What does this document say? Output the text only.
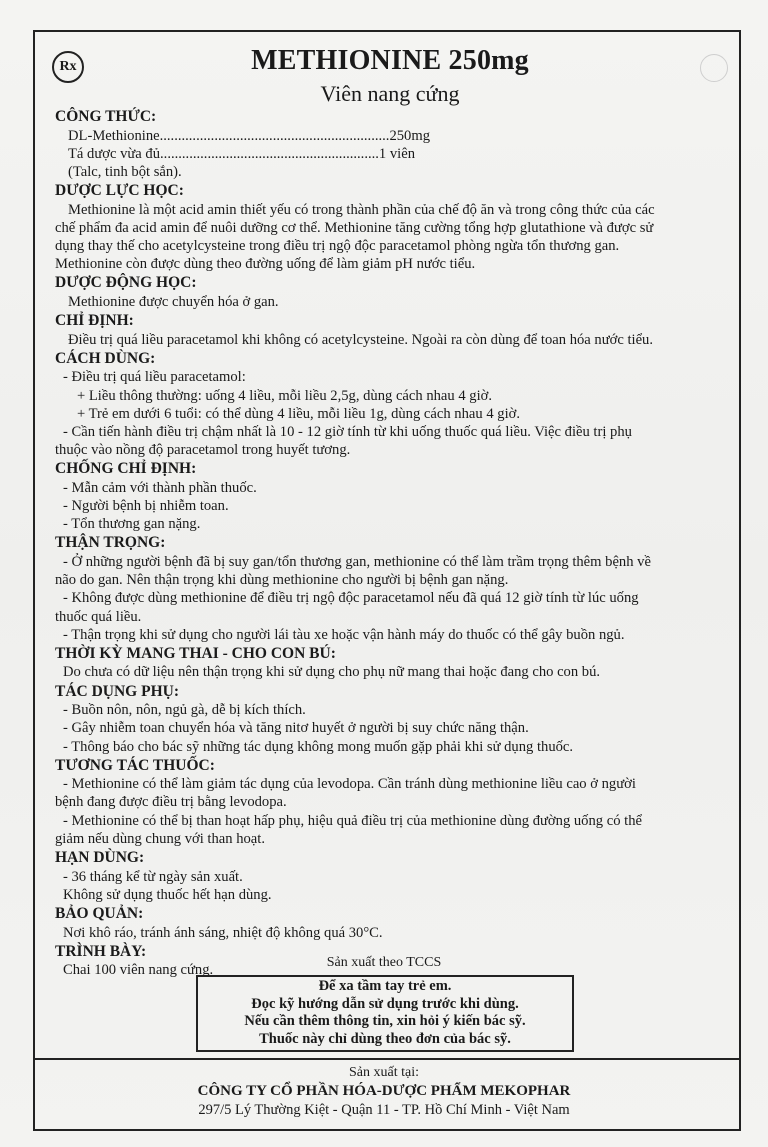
Rx	METHIONINE 250mg
Viên nang cứng
CÔNG THỨC:
DL-Methionine...............................................................250mg
Tá dược vừa đủ............................................................1 viên
(Talc, tinh bột sắn).
DƯỢC LỰC HỌC:
Methionine là một acid amin thiết yếu có trong thành phần của chế độ ăn và trong công thức của các
chế phẩm đa acid amin để nuôi dưỡng cơ thể. Methionine tăng cường tổng hợp glutathione và được sử
dụng thay thế cho acetylcysteine trong điều trị ngộ độc paracetamol phòng ngừa tổn thương gan.
Methionine còn được dùng theo đường uống để làm giảm pH nước tiểu.
DƯỢC ĐỘNG HỌC:
Methionine được chuyển hóa ở gan.
CHỈ ĐỊNH:
Điều trị quá liều paracetamol khi không có acetylcysteine. Ngoài ra còn dùng để toan hóa nước tiểu.
CÁCH DÙNG:
- Điều trị quá liều paracetamol:
+ Liều thông thường: uống 4 liều, mỗi liều 2,5g, dùng cách nhau 4 giờ.
+ Trẻ em dưới 6 tuổi: có thể dùng 4 liều, mỗi liều 1g, dùng cách nhau 4 giờ.
- Cần tiến hành điều trị chậm nhất là 10 - 12 giờ tính từ khi uống thuốc quá liều. Việc điều trị phụ
thuộc vào nồng độ paracetamol trong huyết tương.
CHỐNG CHỈ ĐỊNH:
- Mẫn cảm với thành phần thuốc.
- Người bệnh bị nhiễm toan.
- Tổn thương gan nặng.
THẬN TRỌNG:
- Ở những người bệnh đã bị suy gan/tổn thương gan, methionine có thể làm trầm trọng thêm bệnh về
não do gan. Nên thận trọng khi dùng methionine cho người bị bệnh gan nặng.
- Không được dùng methionine để điều trị ngộ độc paracetamol nếu đã quá 12 giờ tính từ lúc uống
thuốc quá liều.
- Thận trọng khi sử dụng cho người lái tàu xe hoặc vận hành máy do thuốc có thể gây buồn ngủ.
THỜI KỲ MANG THAI - CHO CON BÚ:
Do chưa có dữ liệu nên thận trọng khi sử dụng cho phụ nữ mang thai hoặc đang cho con bú.
TÁC DỤNG PHỤ:
- Buồn nôn, nôn, ngủ gà, dễ bị kích thích.
- Gây nhiễm toan chuyển hóa và tăng nitơ huyết ở người bị suy chức năng thận.
- Thông báo cho bác sỹ những tác dụng không mong muốn gặp phải khi sử dụng thuốc.
TƯƠNG TÁC THUỐC:
- Methionine có thể làm giảm tác dụng của levodopa. Cần tránh dùng methionine liều cao ở người
bệnh đang được điều trị bằng levodopa.
- Methionine có thể bị than hoạt hấp phụ, hiệu quả điều trị của methionine dùng đường uống có thể
giảm nếu dùng chung với than hoạt.
HẠN DÙNG:
- 36 tháng kể từ ngày sản xuất.
Không sử dụng thuốc hết hạn dùng.
BẢO QUẢN:
Nơi khô ráo, tránh ánh sáng, nhiệt độ không quá 30°C.
TRÌNH BÀY:
Chai 100 viên nang cứng.	Sản xuất theo TCCS
Để xa tầm tay trẻ em.
Đọc kỹ hướng dẫn sử dụng trước khi dùng.
Nếu cần thêm thông tin, xin hỏi ý kiến bác sỹ.
Thuốc này chỉ dùng theo đơn của bác sỹ.
Sản xuất tại:
CÔNG TY CỔ PHẦN HÓA-DƯỢC PHẨM MEKOPHAR
297/5 Lý Thường Kiệt - Quận 11 - TP. Hồ Chí Minh - Việt Nam
